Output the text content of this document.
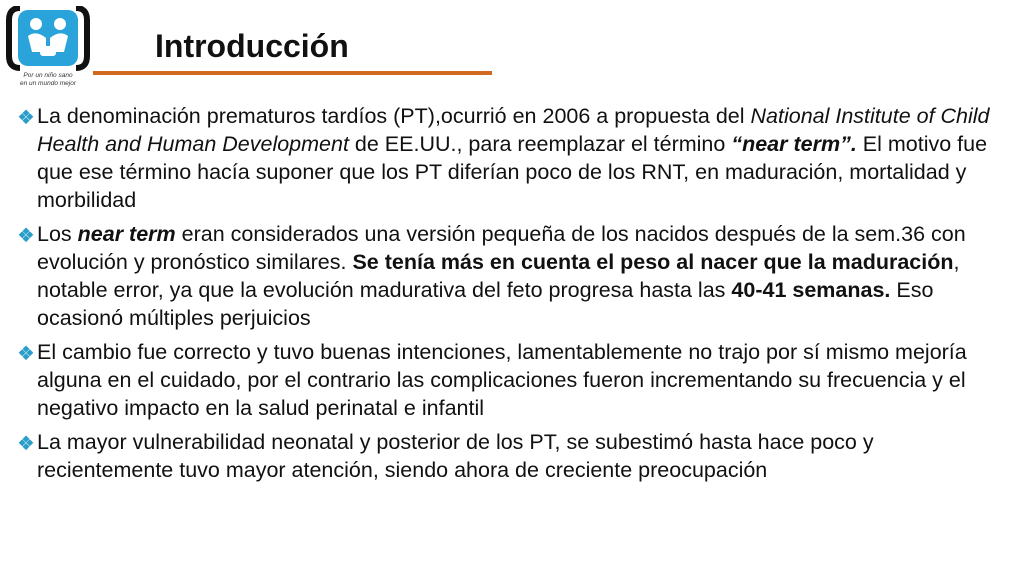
Por un niño sano
en un mundo mejor
Introducción

La denominación prematuros tardíos (PT),ocurrió en 2006 a propuesta del National Institute of Child Health and Human Development de EE.UU., para reemplazar el término “near term”. El motivo fue que ese término hacía suponer que los PT diferían poco de los RNT, en maduración, mortalidad y morbilidad

Los near term eran considerados una versión pequeña de los nacidos después de la sem.36 con evolución y pronóstico similares. Se tenía más en cuenta el peso al nacer que la maduración, notable error, ya que la evolución madurativa del feto progresa hasta las 40-41 semanas. Eso ocasionó múltiples perjuicios

El cambio fue correcto y tuvo buenas intenciones, lamentablemente no trajo por sí mismo mejoría alguna en el cuidado, por el contrario las complicaciones fueron incrementando su frecuencia y el negativo impacto en la salud perinatal e infantil

La mayor vulnerabilidad neonatal y posterior de los PT, se subestimó hasta hace poco y recientemente tuvo mayor atención, siendo ahora de creciente preocupación
